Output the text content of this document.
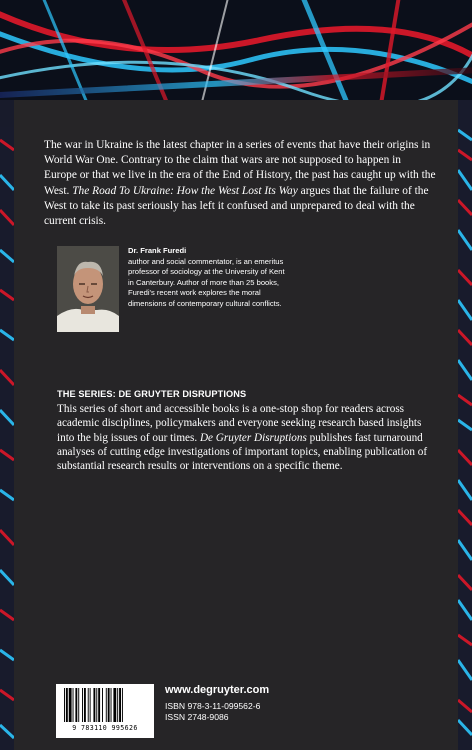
The war in Ukraine is the latest chapter in a series of events that have their origins in World War One. Contrary to the claim that wars are not supposed to happen in Europe or that we live in the era of the End of History, the past has caught up with the West. The Road To Ukraine: How the West Lost Its Way argues that the failure of the West to take its past seriously has left it confused and unprepared to deal with the current crisis.

Dr. Frank Furedi
author and social commentator, is an emeritus professor of sociology at the University of Kent in Canterbury. Author of more than 25 books, Furedi's recent work explores the moral dimensions of contemporary cultural conflicts.

THE SERIES: DE GRUYTER DISRUPTIONS

This series of short and accessible books is a one-stop shop for readers across academic disciplines, policymakers and everyone seeking research based insights into the big issues of our times. De Gruyter Disruptions publishes fast turnaround analyses of cutting edge investigations of important topics, enabling publication of substantial research results or interventions on a specific theme.

9 783110 995626

www.degruyter.com

ISBN 978-3-11-099562-6
ISSN 2748-9086
